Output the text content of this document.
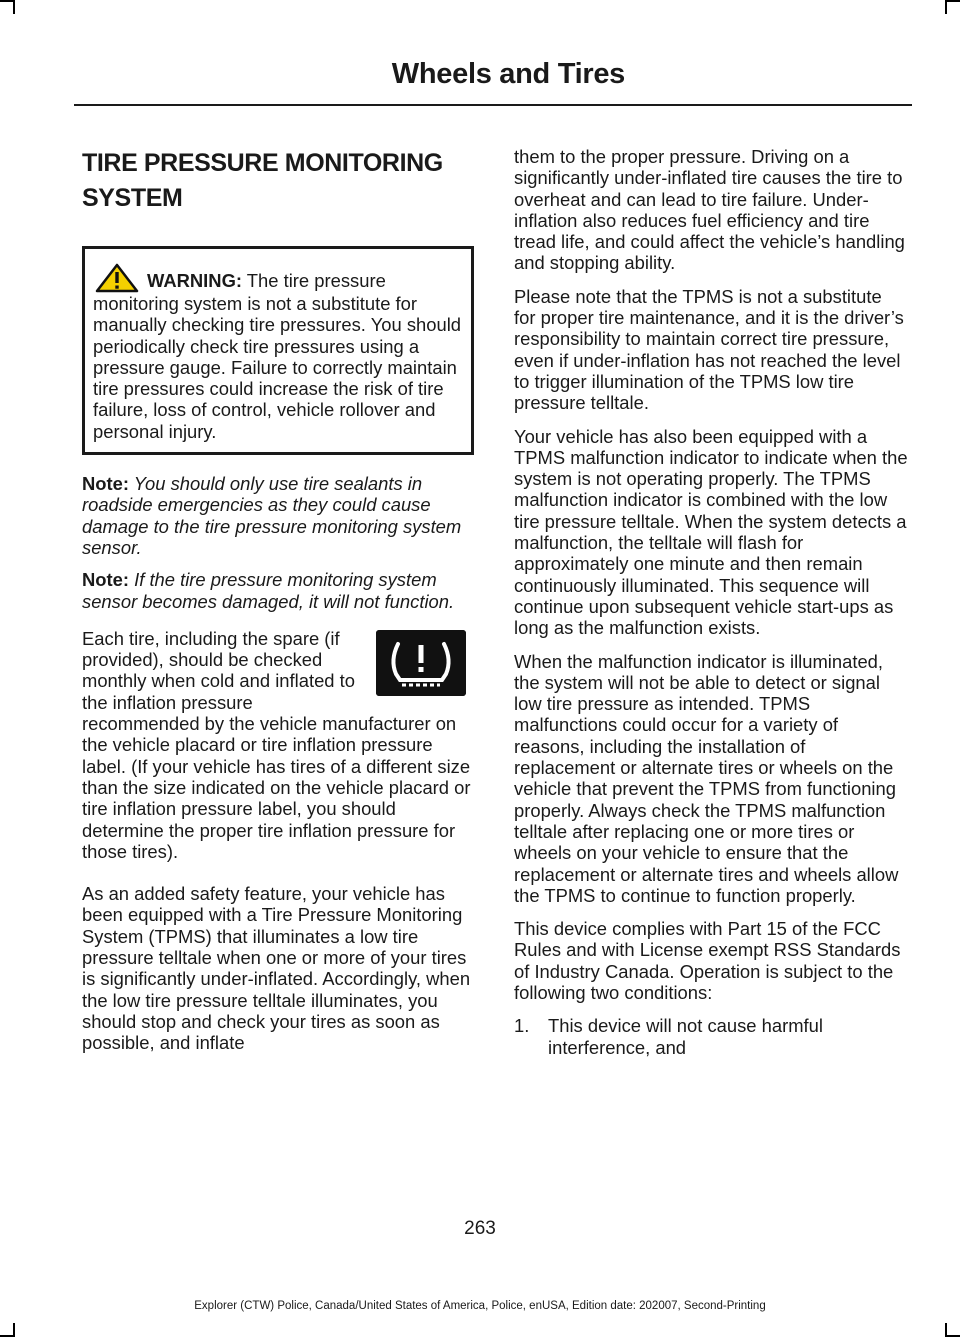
Wheels and Tires
TIRE PRESSURE MONITORING SYSTEM
WARNING: The tire pressure monitoring system is not a substitute for manually checking tire pressures. You should periodically check tire pressures using a pressure gauge. Failure to correctly maintain tire pressures could increase the risk of tire failure, loss of control, vehicle rollover and personal injury.

Note: You should only use tire sealants in roadside emergencies as they could cause damage to the tire pressure monitoring system sensor.

Note: If the tire pressure monitoring system sensor becomes damaged, it will not function.

Each tire, including the spare (if provided), should be checked monthly when cold and inflated to the inflation pressure recommended by the vehicle manufacturer on the vehicle placard or tire inflation pressure label. (If your vehicle has tires of a different size than the size indicated on the vehicle placard or tire inflation pressure label, you should determine the proper tire inflation pressure for those tires).

As an added safety feature, your vehicle has been equipped with a Tire Pressure Monitoring System (TPMS) that illuminates a low tire pressure telltale when one or more of your tires is significantly under-inflated. Accordingly, when the low tire pressure telltale illuminates, you should stop and check your tires as soon as possible, and inflate

them to the proper pressure. Driving on a significantly under-inflated tire causes the tire to overheat and can lead to tire failure. Under-inflation also reduces fuel efficiency and tire tread life, and could affect the vehicle’s handling and stopping ability.

Please note that the TPMS is not a substitute for proper tire maintenance, and it is the driver’s responsibility to maintain correct tire pressure, even if under-inflation has not reached the level to trigger illumination of the TPMS low tire pressure telltale.

Your vehicle has also been equipped with a TPMS malfunction indicator to indicate when the system is not operating properly. The TPMS malfunction indicator is combined with the low tire pressure telltale. When the system detects a malfunction, the telltale will flash for approximately one minute and then remain continuously illuminated. This sequence will continue upon subsequent vehicle start-ups as long as the malfunction exists.

When the malfunction indicator is illuminated, the system will not be able to detect or signal low tire pressure as intended. TPMS malfunctions could occur for a variety of reasons, including the installation of replacement or alternate tires or wheels on the vehicle that prevent the TPMS from functioning properly. Always check the TPMS malfunction telltale after replacing one or more tires or wheels on your vehicle to ensure that the replacement or alternate tires and wheels allow the TPMS to continue to function properly.

This device complies with Part 15 of the FCC Rules and with License exempt RSS Standards of Industry Canada. Operation is subject to the following two conditions:

1.	This device will not cause harmful interference, and
263
Explorer (CTW) Police, Canada/United States of America, Police, enUSA, Edition date: 202007, Second-Printing
